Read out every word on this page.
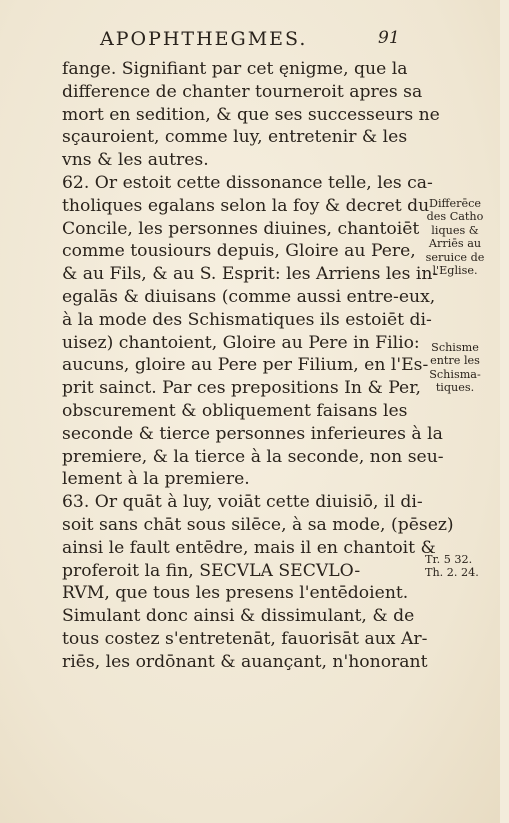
APOPHTHEGMES.	91
fange. Signifiant par cet ęnigme, que la
difference de chanter tourneroit apres sa
mort en sedition, & que ses successeurs ne
sçauroient, comme luy, entretenir & les
vns & les autres.
62. Or estoit cette dissonance telle, les ca-
tholiques egalans selon la foy & decret du
Concile, les personnes diuines, chantoiēt
comme tousiours depuis, Gloire au Pere,
& au Fils, & au S. Esprit: les Arriens les in-
egalās & diuisans (comme aussi entre-eux,
à la mode des Schismatiques ils estoiēt di-
uisez) chantoient, Gloire au Pere in Filio:
aucuns, gloire au Pere per Filium, en l'Es-
prit sainct. Par ces prepositions In & Per,
obscurement & obliquement faisans les
seconde & tierce personnes inferieures à la
premiere, & la tierce à la seconde, non seu-
lement à la premiere.
63. Or quāt à luy, voiāt cette diuisiō, il di-
soit sans chāt sous silēce, à sa mode, (pēsez)
ainsi le fault entēdre, mais il en chantoit &
proferoit la fin, SECVLA SECVLO-
RVM, que tous les presens l'entēdoient.
Simulant donc ainsi & dissimulant, & de
tous costez s'entretenāt, fauorisāt aux Ar-
riēs, les ordōnant & auançant, n'honorant
Differēce
des Catho
liques &
Arriēs au
seruice de
l'Eglise.
Schisme
entre les
Schisma-
tiques.
Tr. 5 32.
Th. 2. 24.
